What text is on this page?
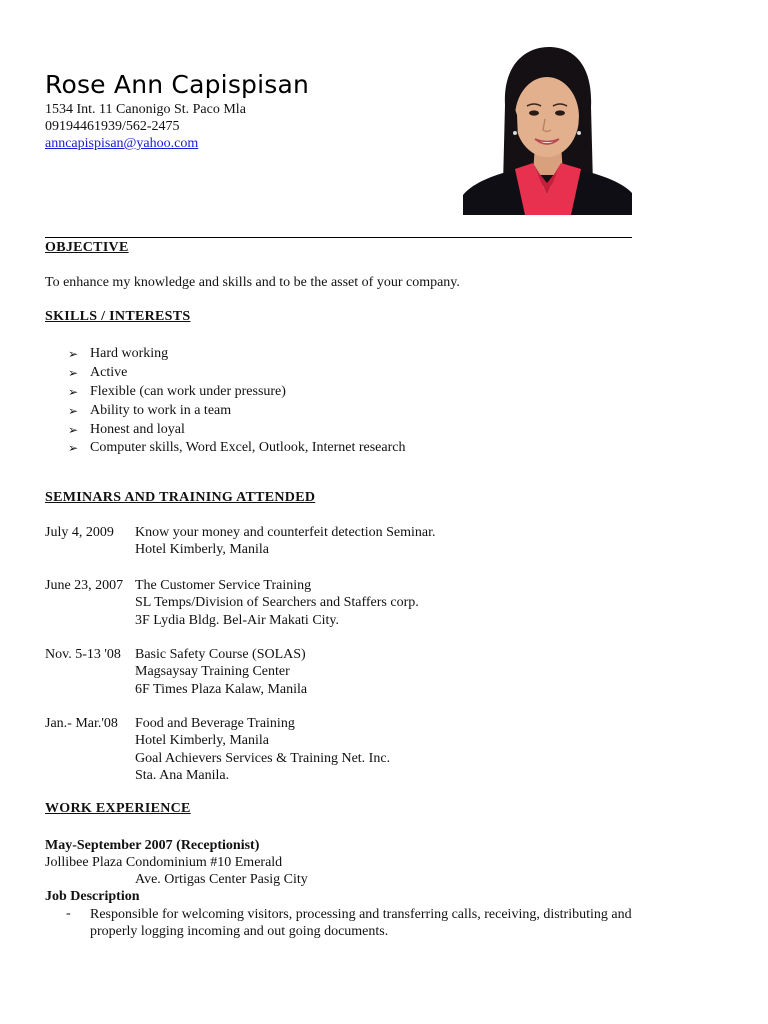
Rose Ann Capispisan
1534 Int. 11 Canonigo St. Paco Mla
09194461939/562-2475
anncapispisan@yahoo.com
OBJECTIVE
To enhance my knowledge and skills and to be the asset of your company.
SKILLS / INTERESTS
➢ Hard working
➢ Active
➢ Flexible (can work under pressure)
➢ Ability to work in a team
➢ Honest and loyal
➢ Computer skills, Word Excel, Outlook, Internet research
SEMINARS AND TRAINING ATTENDED
July 4, 2009 Know your money and counterfeit detection Seminar.
Hotel Kimberly, Manila
June 23, 2007 The Customer Service Training
SL Temps/Division of Searchers and Staffers corp.
3F Lydia Bldg. Bel-Air Makati City.
Nov. 5-13 '08 Basic Safety Course (SOLAS)
Magsaysay Training Center
6F Times Plaza Kalaw, Manila
Jan.- Mar.'08 Food and Beverage Training
Hotel Kimberly, Manila
Goal Achievers Services & Training Net. Inc.
Sta. Ana Manila.
WORK EXPERIENCE
May-September 2007 (Receptionist)
Jollibee Plaza Condominium #10 Emerald
Ave. Ortigas Center Pasig City
Job Description
- Responsible for welcoming visitors, processing and transferring calls, receiving, distributing and
properly logging incoming and out going documents.
